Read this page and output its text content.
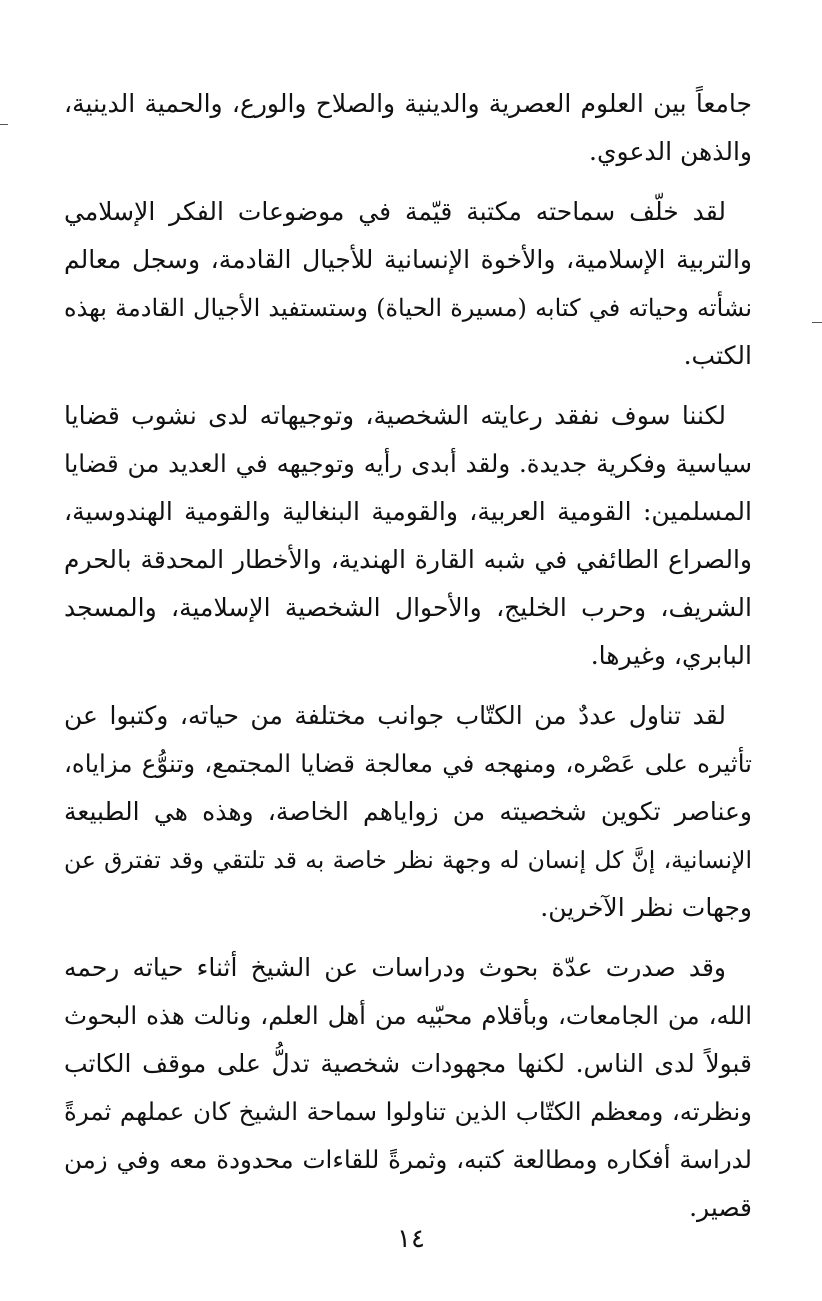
جامعاً بين العلوم العصرية والدينية والصلاح والورع، والحمية الدينية،
والذهن الدعوي.
لقد خلّف سماحته مكتبة قيّمة في موضوعات الفكر الإسلامي
والتربية الإسلامية، والأخوة الإنسانية للأجيال القادمة، وسجل معالم
نشأته وحياته في كتابه (مسيرة الحياة) وستستفيد الأجيال القادمة بهذه
الكتب.
لكننا سوف نفقد رعايته الشخصية، وتوجيهاته لدى نشوب قضايا
سياسية وفكرية جديدة. ولقد أبدى رأيه وتوجيهه في العديد من قضايا
المسلمين: القومية العربية، والقومية البنغالية والقومية الهندوسية،
والصراع الطائفي في شبه القارة الهندية، والأخطار المحدقة بالحرم
الشريف، وحرب الخليج، والأحوال الشخصية الإسلامية، والمسجد
البابري، وغيرها.
لقد تناول عددٌ من الكتّاب جوانب مختلفة من حياته، وكتبوا عن
تأثيره على عَصْره، ومنهجه في معالجة قضايا المجتمع، وتنوُّع مزاياه،
وعناصر تكوين شخصيته من زواياهم الخاصة، وهذه هي الطبيعة
الإنسانية، إنَّ كل إنسان له وجهة نظر خاصة به قد تلتقي وقد تفترق عن
وجهات نظر الآخرين.
وقد صدرت عدّة بحوث ودراسات عن الشيخ أثناء حياته رحمه
الله، من الجامعات، وبأقلام محبّيه من أهل العلم، ونالت هذه البحوث
قبولاً لدى الناس. لكنها مجهودات شخصية تدلُّ على موقف الكاتب
ونظرته، ومعظم الكتّاب الذين تناولوا سماحة الشيخ كان عملهم ثمرةً
لدراسة أفكاره ومطالعة كتبه، وثمرةً للقاءات محدودة معه وفي زمن
قصير.
١٤
